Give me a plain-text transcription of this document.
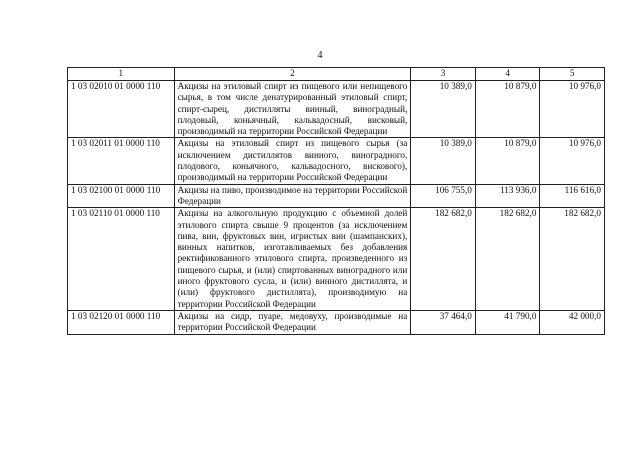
4
1	2	3	4	5
1 03 02010 01 0000 110	Акцизы на этиловый спирт из пищевого или непищевого сырья, в том числе денатурированный этиловый спирт, спирт-сырец, дистилляты винный, виноградный, плодовый, коньячный, кальвадосный, висковый, производимый на территории Российской Федерации	10 389,0	10 879,0	10 976,0
1 03 02011 01 0000 110	Акцизы на этиловый спирт из пищевого сырья (за исключением дистиллятов винного, виноградного, плодового, коньячного, кальвадосного, вискового), производимый на территории Российской Федерации	10 389,0	10 879,0	10 976,0
1 03 02100 01 0000 110	Акцизы на пиво, производимое на территории Российской Федерации	106 755,0	113 936,0	116 616,0
1 03 02110 01 0000 110	Акцизы на алкогольную продукцию с объемной долей этилового спирта свыше 9 процентов (за исключением пива, вин, фруктовых вин, игристых вин (шампанских), винных напитков, изготавливаемых без добавления ректификованного этилового спирта, произведенного из пищевого сырья, и (или) спиртованных виноградного или иного фруктового сусла, и (или) винного дистиллята, и (или) фруктового дистиллята), производимую на территории Российской Федерации	182 682,0	182 682,0	182 682,0
1 03 02120 01 0000 110	Акцизы на сидр, пуаре, медовуху, производимые на территории Российской Федерации	37 464,0	41 790,0	42 000,0
